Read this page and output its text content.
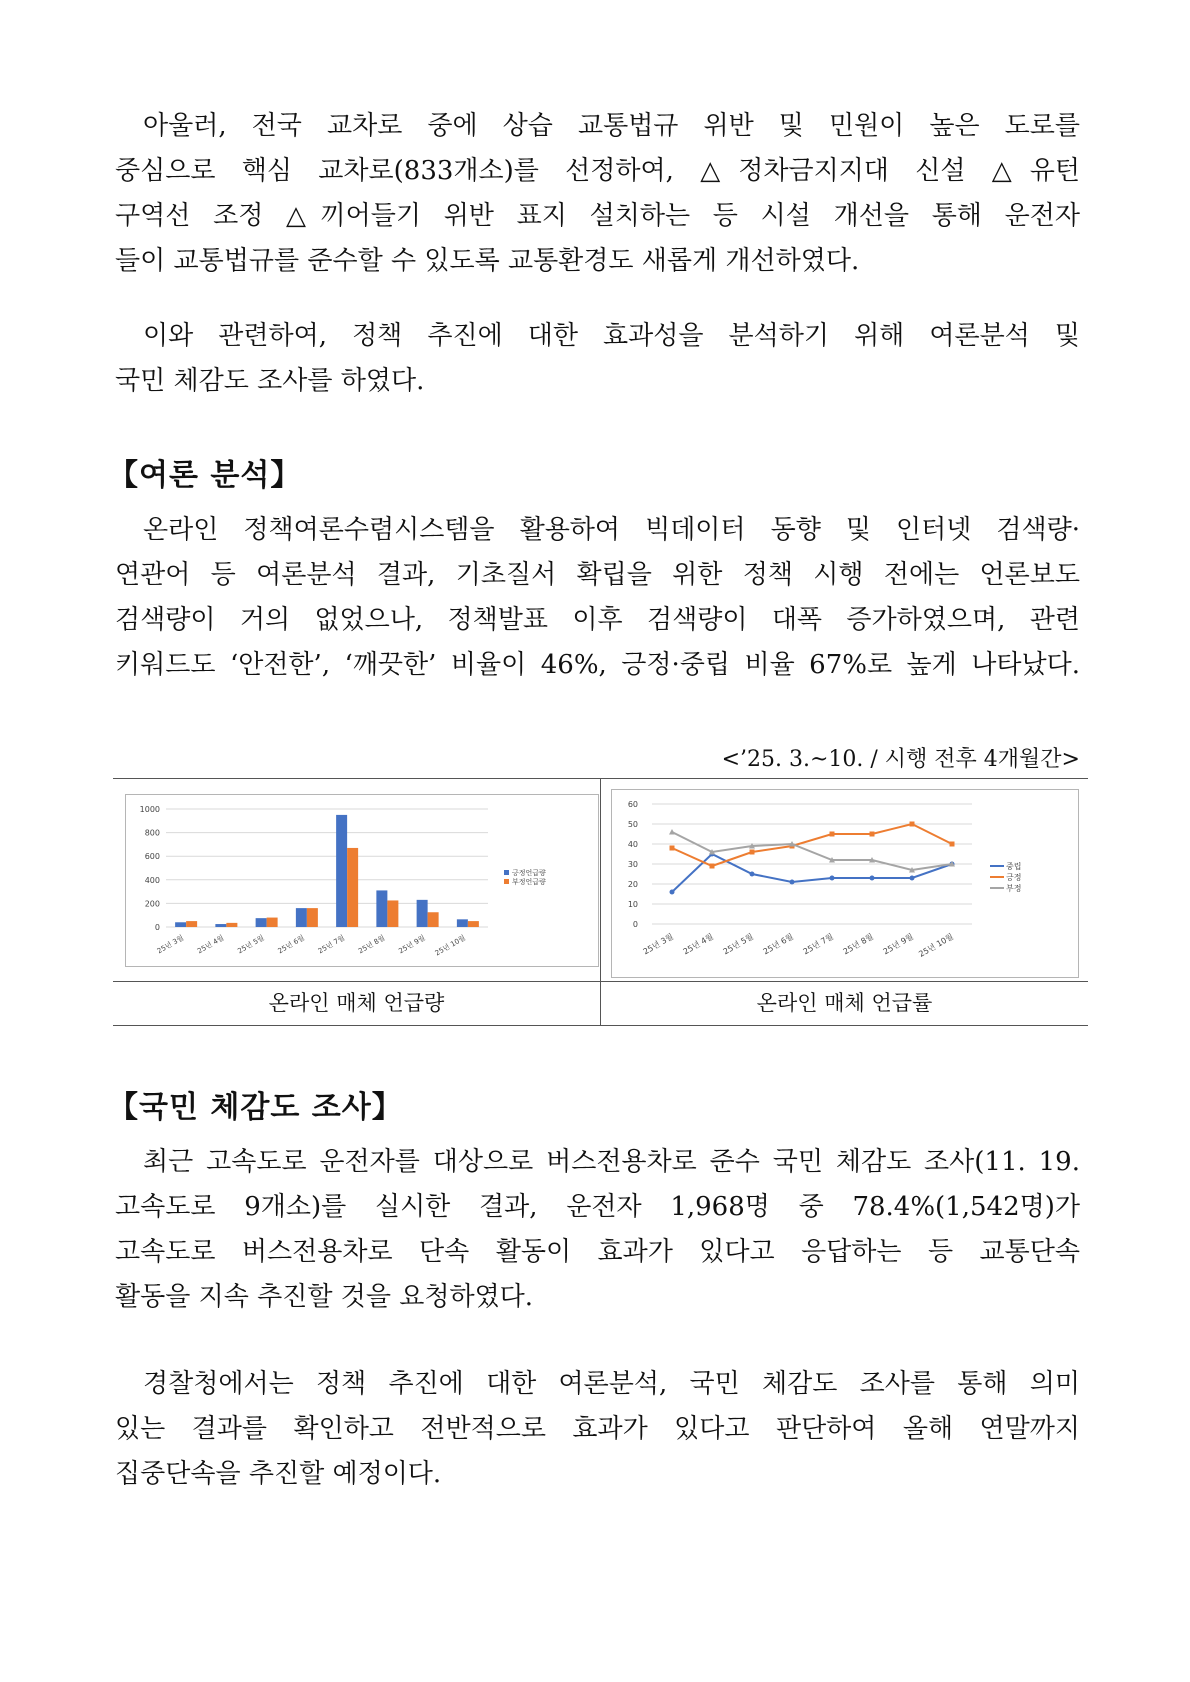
아울러, 전국 교차로 중에 상습 교통법규 위반 및 민원이 높은 도로를
중심으로 핵심 교차로(833개소)를 선정하여, △정차금지지대 신설 △유턴
구역선 조정 △끼어들기 위반 표지 설치하는 등 시설 개선을 통해 운전자
들이 교통법규를 준수할 수 있도록 교통환경도 새롭게 개선하였다.
이와 관련하여, 정책 추진에 대한 효과성을 분석하기 위해 여론분석 및
국민 체감도 조사를 하였다.
【여론 분석】
온라인 정책여론수렴시스템을 활용하여 빅데이터 동향 및 인터넷 검색량·
연관어 등 여론분석 결과, 기초질서 확립을 위한 정책 시행 전에는 언론보도
검색량이 거의 없었으나, 정책발표 이후 검색량이 대폭 증가하였으며, 관련
키워드도 ‘안전한’, ‘깨끗한’ 비율이 46%, 긍정·중립 비율 67%로 높게 나타났다.
<’25. 3.~10. / 시행 전후 4개월간>
0
200
400
600
800
1000
25년 3월 25년 4월 25년 5월 25년 6월 25년 7월 25년 8월 25년 9월 25년 10월
긍정언급량
부정언급량
0
10
20
30
40
50
60
25년 3월 25년 4월 25년 5월 25년 6월 25년 7월 25년 8월 25년 9월 25년 10월
중립
긍정
부정
온라인 매체 언급량	온라인 매체 언급률
【국민 체감도 조사】
최근 고속도로 운전자를 대상으로 버스전용차로 준수 국민 체감도 조사(11. 19.
고속도로 9개소)를 실시한 결과, 운전자 1,968명 중 78.4%(1,542명)가
고속도로 버스전용차로 단속 활동이 효과가 있다고 응답하는 등 교통단속
활동을 지속 추진할 것을 요청하였다.
경찰청에서는 정책 추진에 대한 여론분석, 국민 체감도 조사를 통해 의미
있는 결과를 확인하고 전반적으로 효과가 있다고 판단하여 올해 연말까지
집중단속을 추진할 예정이다.
